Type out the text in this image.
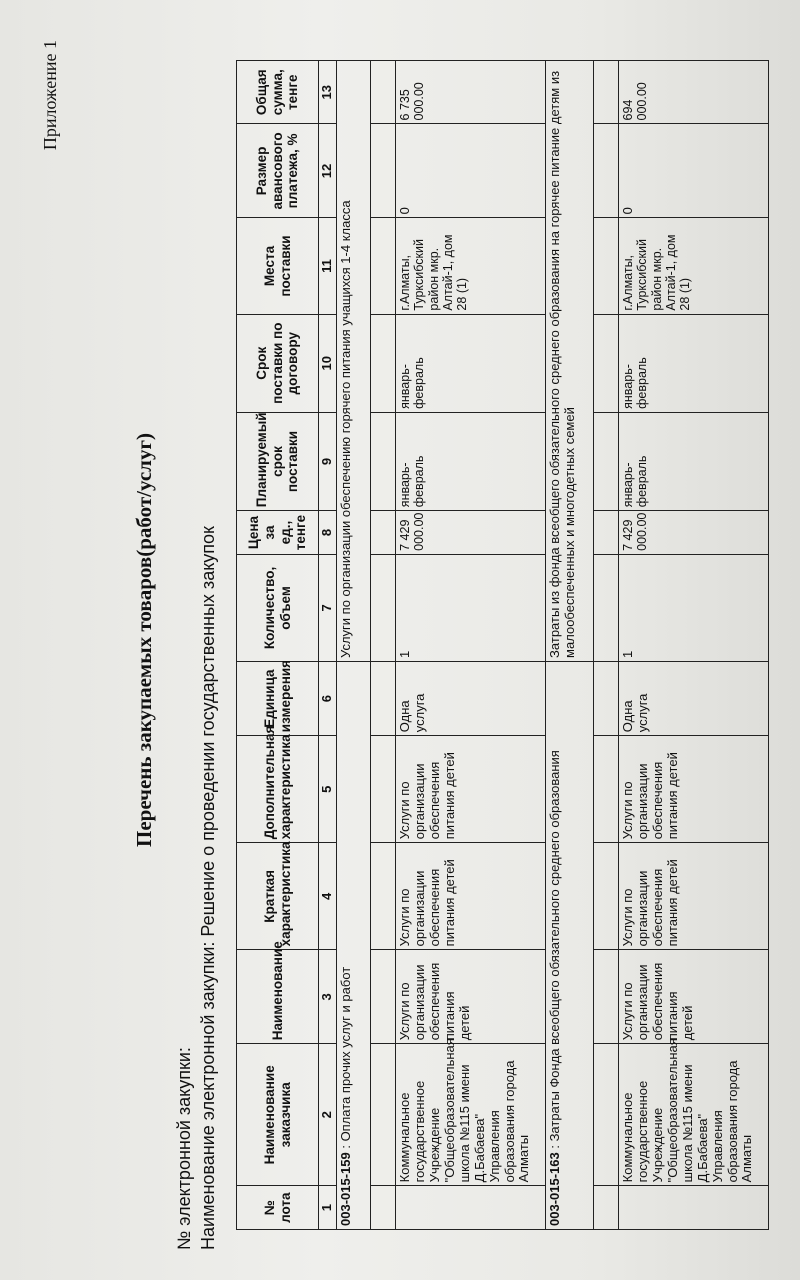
Приложение 1
Перечень закупаемых товаров(работ/услуг)
№ электронной закупки: Наименование электронной закупки: Решение о проведении государственных закупок	№ лота	Наименование заказчика	Наименование	Краткая характеристика	Дополнительная характеристика	Единица измерения	Количество, объем	Цена за ед., тенге	Планируемый срок поставки	Срок поставки по договору	Места поставки	Размер авансового платежа, %	Общая сумма, тенге
1	2	3	4	5	6	7	8	9	10	11	12	13
003-015-159 : Оплата прочих услуг и работ						Услуги по организации обеспечению горячего питания учащихся 1-4 класса						

	Коммунальное государственное Учреждение "Общеобразовательная школа №115 имени Д.Бабаева" Управления образования города Алматы	Услуги по организации обеспечения питания детей	Услуги по организации обеспечения питания детей	Услуги по организации обеспечения питания детей	Одна услуга	1	7 429 000.00	январь-февраль	январь-февраль	г.Алматы, Турксибский район мкр. Алтай-1, дом 28 (1)	0	6 735 000.00
003-015-163 : Затраты Фонда всеобщего обязательного среднего образования						Затраты из фонда всеобщего обязательного среднего образования на горячее питание детям из малообеспеченных и многодетных семей						

	Коммунальное государственное Учреждение "Общеобразовательная школа №115 имени Д.Бабаева" Управления образования города Алматы	Услуги по организации обеспечения питания детей	Услуги по организации обеспечения питания детей	Услуги по организации обеспечения питания детей	Одна услуга	1	7 429 000.00	январь-февраль	январь-февраль	г.Алматы, Турксибский район мкр. Алтай-1, дом 28 (1)	0	694 000.00
